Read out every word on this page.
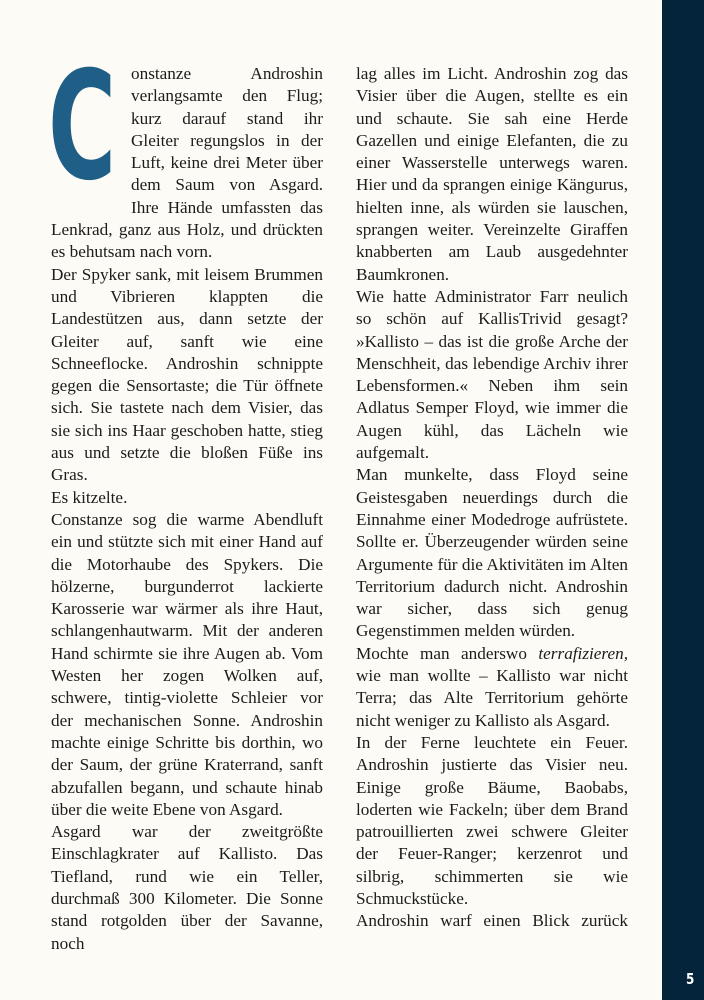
Constanze Androshin verlangsamte den Flug; kurz darauf stand ihr Gleiter regungslos in der Luft, keine drei Meter über dem Saum von Asgard. Ihre Hände umfassten das Lenkrad, ganz aus Holz, und drückten es behutsam nach vorn.

Der Spyker sank, mit leisem Brummen und Vibrieren klappten die Landestützen aus, dann setzte der Gleiter auf, sanft wie eine Schneeflocke. Androshin schnippte gegen die Sensortaste; die Tür öffnete sich. Sie tastete nach dem Visier, das sie sich ins Haar geschoben hatte, stieg aus und setzte die bloßen Füße ins Gras.

Es kitzelte.

Constanze sog die warme Abendluft ein und stützte sich mit einer Hand auf die Motorhaube des Spykers. Die hölzerne, burgunderrot lackierte Karosserie war wärmer als ihre Haut, schlangenhautwarm. Mit der anderen Hand schirmte sie ihre Augen ab. Vom Westen her zogen Wolken auf, schwere, tintig-violette Schleier vor der mechanischen Sonne. Androshin machte einige Schritte bis dorthin, wo der Saum, der grüne Kraterrand, sanft abzufallen begann, und schaute hinab über die weite Ebene von Asgard.

Asgard war der zweitgrößte Einschlagkrater auf Kallisto. Das Tiefland, rund wie ein Teller, durchmaß 300 Kilometer. Die Sonne stand rotgolden über der Savanne, noch

lag alles im Licht. Androshin zog das Visier über die Augen, stellte es ein und schaute. Sie sah eine Herde Gazellen und einige Elefanten, die zu einer Wasserstelle unterwegs waren. Hier und da sprangen einige Kängurus, hielten inne, als würden sie lauschen, sprangen weiter. Vereinzelte Giraffen knabberten am Laub ausgedehnter Baumkronen.

Wie hatte Administrator Farr neulich so schön auf KallisTrivid gesagt? »Kallisto – das ist die große Arche der Menschheit, das lebendige Archiv ihrer Lebensformen.« Neben ihm sein Adlatus Semper Floyd, wie immer die Augen kühl, das Lächeln wie aufgemalt.

Man munkelte, dass Floyd seine Geistesgaben neuerdings durch die Einnahme einer Modedroge aufrüstete. Sollte er. Überzeugender würden seine Argumente für die Aktivitäten im Alten Territorium dadurch nicht. Androshin war sicher, dass sich genug Gegenstimmen melden würden.

Mochte man anderswo terrafizieren, wie man wollte – Kallisto war nicht Terra; das Alte Territorium gehörte nicht weniger zu Kallisto als Asgard.

In der Ferne leuchtete ein Feuer. Androshin justierte das Visier neu. Einige große Bäume, Baobabs, loderten wie Fackeln; über dem Brand patrouillierten zwei schwere Gleiter der Feuer-Ranger; kerzenrot und silbrig, schimmerten sie wie Schmuckstücke.

Androshin warf einen Blick zurück

5
